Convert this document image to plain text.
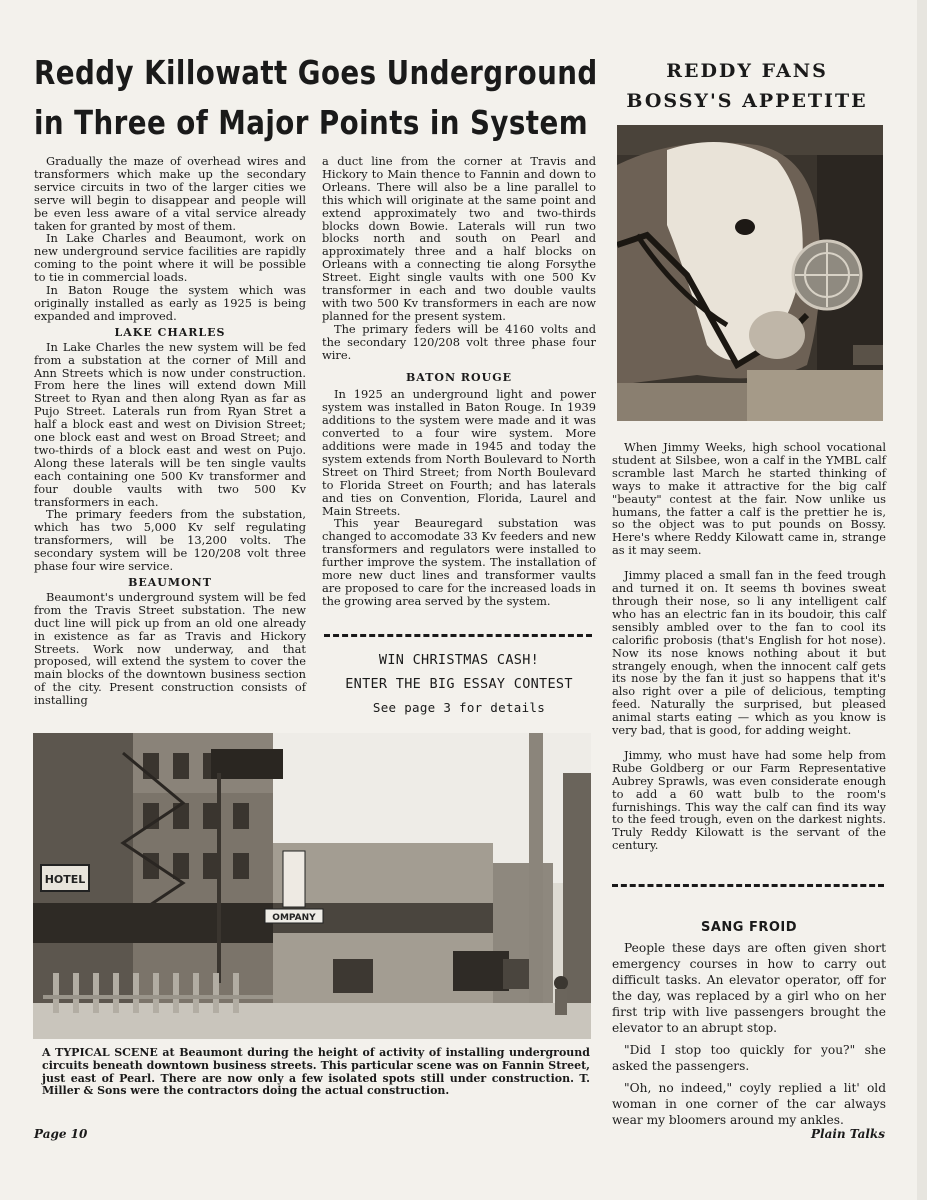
Reddy Killowatt Goes Underground
in Three of Major Points in System
REDDY FANS
BOSSY'S APPETITE

Gradually the maze of overhead wires and transformers which make up the secondary service circuits in two of the larger cities we serve will begin to disappear and people will be even less aware of a vital service already taken for granted by most of them.

In Lake Charles and Beaumont, work on new underground service facilities are rapidly coming to the point where it will be possible to tie in commercial loads.

In Baton Rouge the system which was originally installed as early as 1925 is being expanded and improved.

LAKE CHARLES

In Lake Charles the new system will be fed from a substation at the corner of Mill and Ann Streets which is now under construction. From here the lines will extend down Mill Street to Ryan and then along Ryan as far as Pujo Street. Laterals run from Ryan Stret a half a block east and west on Division Street; one block east and west on Broad Street; and two-thirds of a block east and west on Pujo. Along these laterals will be ten single vaults each containing one 500 Kv transformer and four double vaults with two 500 Kv transformers in each.

The primary feeders from the substation, which has two 5,000 Kv self regulating transformers, will be 13,200 volts. The secondary system will be 120/208 volt three phase four wire service.

BEAUMONT

Beaumont's underground system will be fed from the Travis Street substation. The new duct line will pick up from an old one already in existence as far as Travis and Hickory Streets. Work now underway, and that proposed, will extend the system to cover the main blocks of the downtown business section of the city. Present construction consists of installing

a duct line from the corner at Travis and Hickory to Main thence to Fannin and down to Orleans. There will also be a line parallel to this which will originate at the same point and extend approximately two and two-thirds blocks down Bowie. Laterals will run two blocks north and south on Pearl and approximately three and a half blocks on Orleans with a connecting tie along Forsythe Street. Eight single vaults with one 500 Kv transformer in each and two double vaults with two 500 Kv transformers in each are now planned for the present system.

The primary feders will be 4160 volts and the secondary 120/208 volt three phase four wire.

BATON ROUGE

In 1925 an underground light and power system was installed in Baton Rouge. In 1939 additions to the system were made and it was converted to a four wire system. More additions were made in 1945 and today the system extends from North Boulevard to North Street on Third Street; from North Boulevard to Florida Street on Fourth; and has laterals and ties on Convention, Florida, Laurel and Main Streets.

This year Beauregard substation was changed to accomodate 33 Kv feeders and new transformers and regulators were installed to further improve the system. The installation of more new duct lines and transformer vaults are proposed to care for the increased loads in the growing area served by the system.

WIN CHRISTMAS CASH!
ENTER THE BIG ESSAY CONTEST
See page 3 for details

When Jimmy Weeks, high school vocational student at Silsbee, won a calf in the YMBL calf scramble last March he started thinking of ways to make it attractive for the big calf "beauty" contest at the fair. Now unlike us humans, the fatter a calf is the prettier he is, so the object was to put pounds on Bossy. Here's where Reddy Kilowatt came in, strange as it may seem.

Jimmy placed a small fan in the feed trough and turned it on. It seems th bovines sweat through their nose, so li any intelligent calf who has an electric fan in its boudoir, this calf sensibly ambled over to the fan to cool its calorific probosis (that's English for hot nose). Now its nose knows nothing about it but strangely enough, when the innocent calf gets its nose by the fan it just so happens that it's also right over a pile of delicious, tempting feed. Naturally the surprised, but pleased animal starts eating — which as you know is very bad, that is good, for adding weight.

Jimmy, who must have had some help from Rube Goldberg or our Farm Representative Aubrey Sprawls, was even considerate enough to add a 60 watt bulb to the room's furnishings. This way the calf can find its way to the feed trough, even on the darkest nights. Truly Reddy Kilowatt is the servant of the century.

SANG FROID

People these days are often given short emergency courses in how to carry out difficult tasks. An elevator operator, off for the day, was replaced by a girl who on her first trip with live passengers brought the elevator to an abrupt stop.

"Did I stop too quickly for you?" she asked the passengers.

"Oh, no indeed," coyly replied a lit' old woman in one corner of the car always wear my bloomers around my ankles.

HOTEL
OMPANY

A TYPICAL SCENE at Beaumont during the height of activity of installing underground circuits beneath downtown business streets. This particular scene was on Fannin Street, just east of Pearl. There are now only a few isolated spots still under construction. T. Miller & Sons were the contractors doing the actual construction.

Page 10	Plain Talks
